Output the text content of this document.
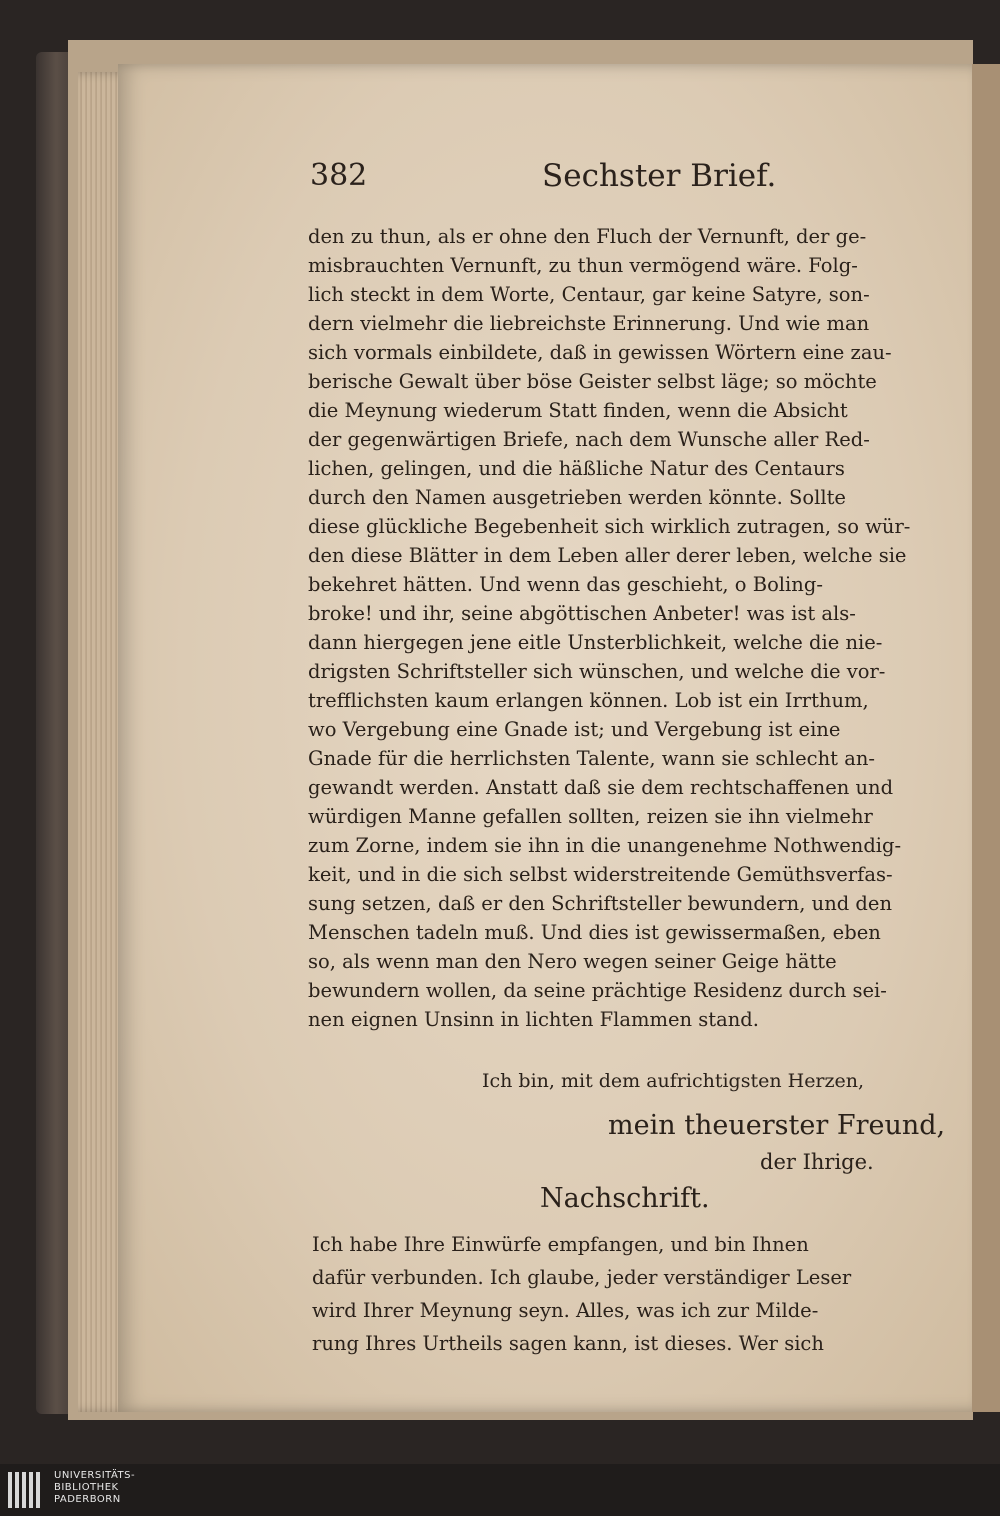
382	Sechster Brief.
den zu thun, als er ohne den Fluch der Vernunft, der ge-
misbrauchten Vernunft, zu thun vermögend wäre. Folg-
lich steckt in dem Worte, Centaur, gar keine Satyre, son-
dern vielmehr die liebreichste Erinnerung. Und wie man
sich vormals einbildete, daß in gewissen Wörtern eine zau-
berische Gewalt über böse Geister selbst läge; so möchte
die Meynung wiederum Statt finden, wenn die Absicht
der gegenwärtigen Briefe, nach dem Wunsche aller Red-
lichen, gelingen, und die häßliche Natur des Centaurs
durch den Namen ausgetrieben werden könnte. Sollte
diese glückliche Begebenheit sich wirklich zutragen, so wür-
den diese Blätter in dem Leben aller derer leben, welche sie
bekehret hätten. Und wenn das geschieht, o Boling-
broke! und ihr, seine abgöttischen Anbeter! was ist als-
dann hiergegen jene eitle Unsterblichkeit, welche die nie-
drigsten Schriftsteller sich wünschen, und welche die vor-
trefflichsten kaum erlangen können. Lob ist ein Irrthum,
wo Vergebung eine Gnade ist; und Vergebung ist eine
Gnade für die herrlichsten Talente, wann sie schlecht an-
gewandt werden. Anstatt daß sie dem rechtschaffenen und
würdigen Manne gefallen sollten, reizen sie ihn vielmehr
zum Zorne, indem sie ihn in die unangenehme Nothwendig-
keit, und in die sich selbst widerstreitende Gemüthsverfas-
sung setzen, daß er den Schriftsteller bewundern, und den
Menschen tadeln muß. Und dies ist gewissermaßen, eben
so, als wenn man den Nero wegen seiner Geige hätte
bewundern wollen, da seine prächtige Residenz durch sei-
nen eignen Unsinn in lichten Flammen stand.
Ich bin, mit dem aufrichtigsten Herzen,
mein theuerster Freund,
der Ihrige.
Nachschrift.
Ich habe Ihre Einwürfe empfangen, und bin Ihnen
dafür verbunden. Ich glaube, jeder verständiger Leser
wird Ihrer Meynung seyn. Alles, was ich zur Milde-
rung Ihres Urtheils sagen kann, ist dieses. Wer sich
UNIVERSITÄTS-
BIBLIOTHEK
PADERBORN
